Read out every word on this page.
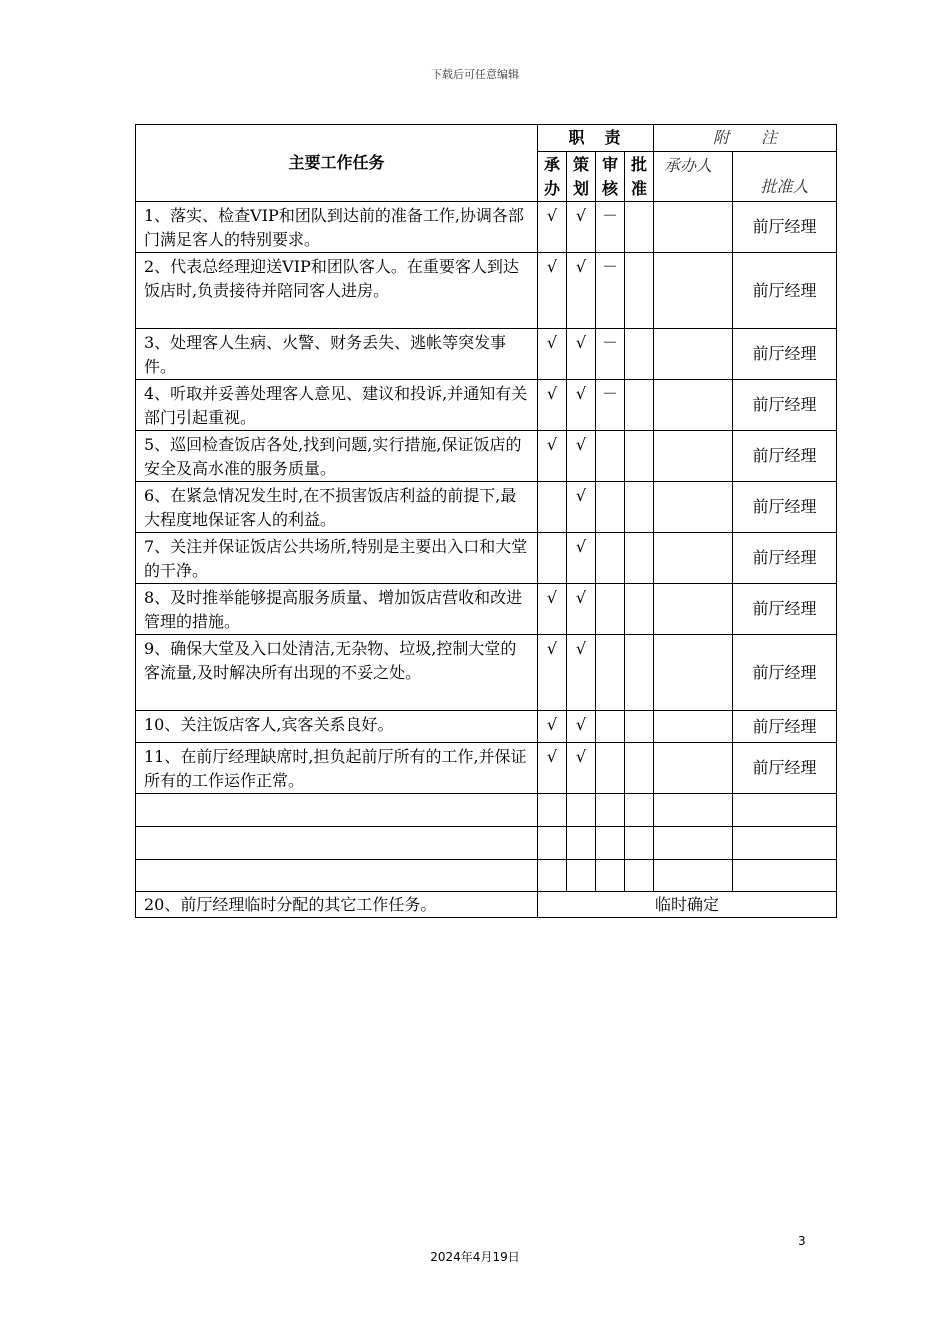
下载后可任意编辑
主要工作任务	职　责				附　　注	
	承办	策划	审核	批准	承办人	批准人
1、落实、检查VIP和团队到达前的准备工作,协调各部门满足客人的特别要求。	√	√	－			前厅经理
2、代表总经理迎送VIP和团队客人。在重要客人到达饭店时,负责接待并陪同客人进房。	√	√	－			前厅经理
3、处理客人生病、火警、财务丢失、逃帐等突发事件。	√	√	－			前厅经理
4、听取并妥善处理客人意见、建议和投诉,并通知有关部门引起重视。	√	√	－			前厅经理
5、巡回检查饭店各处,找到问题,实行措施,保证饭店的安全及高水准的服务质量。	√	√				前厅经理
6、在紧急情况发生时,在不损害饭店利益的前提下,最大程度地保证客人的利益。		√				前厅经理
7、关注并保证饭店公共场所,特别是主要出入口和大堂的干净。		√				前厅经理
8、及时推举能够提高服务质量、增加饭店营收和改进管理的措施。	√	√				前厅经理
9、确保大堂及入口处清洁,无杂物、垃圾,控制大堂的客流量,及时解决所有出现的不妥之处。	√	√				前厅经理
10、关注饭店客人,宾客关系良好。	√	√				前厅经理
11、在前厅经理缺席时,担负起前厅所有的工作,并保证所有的工作运作正常。	√	√				前厅经理

20、前厅经理临时分配的其它工作任务。	临时确定					
3
2024年4月19日
